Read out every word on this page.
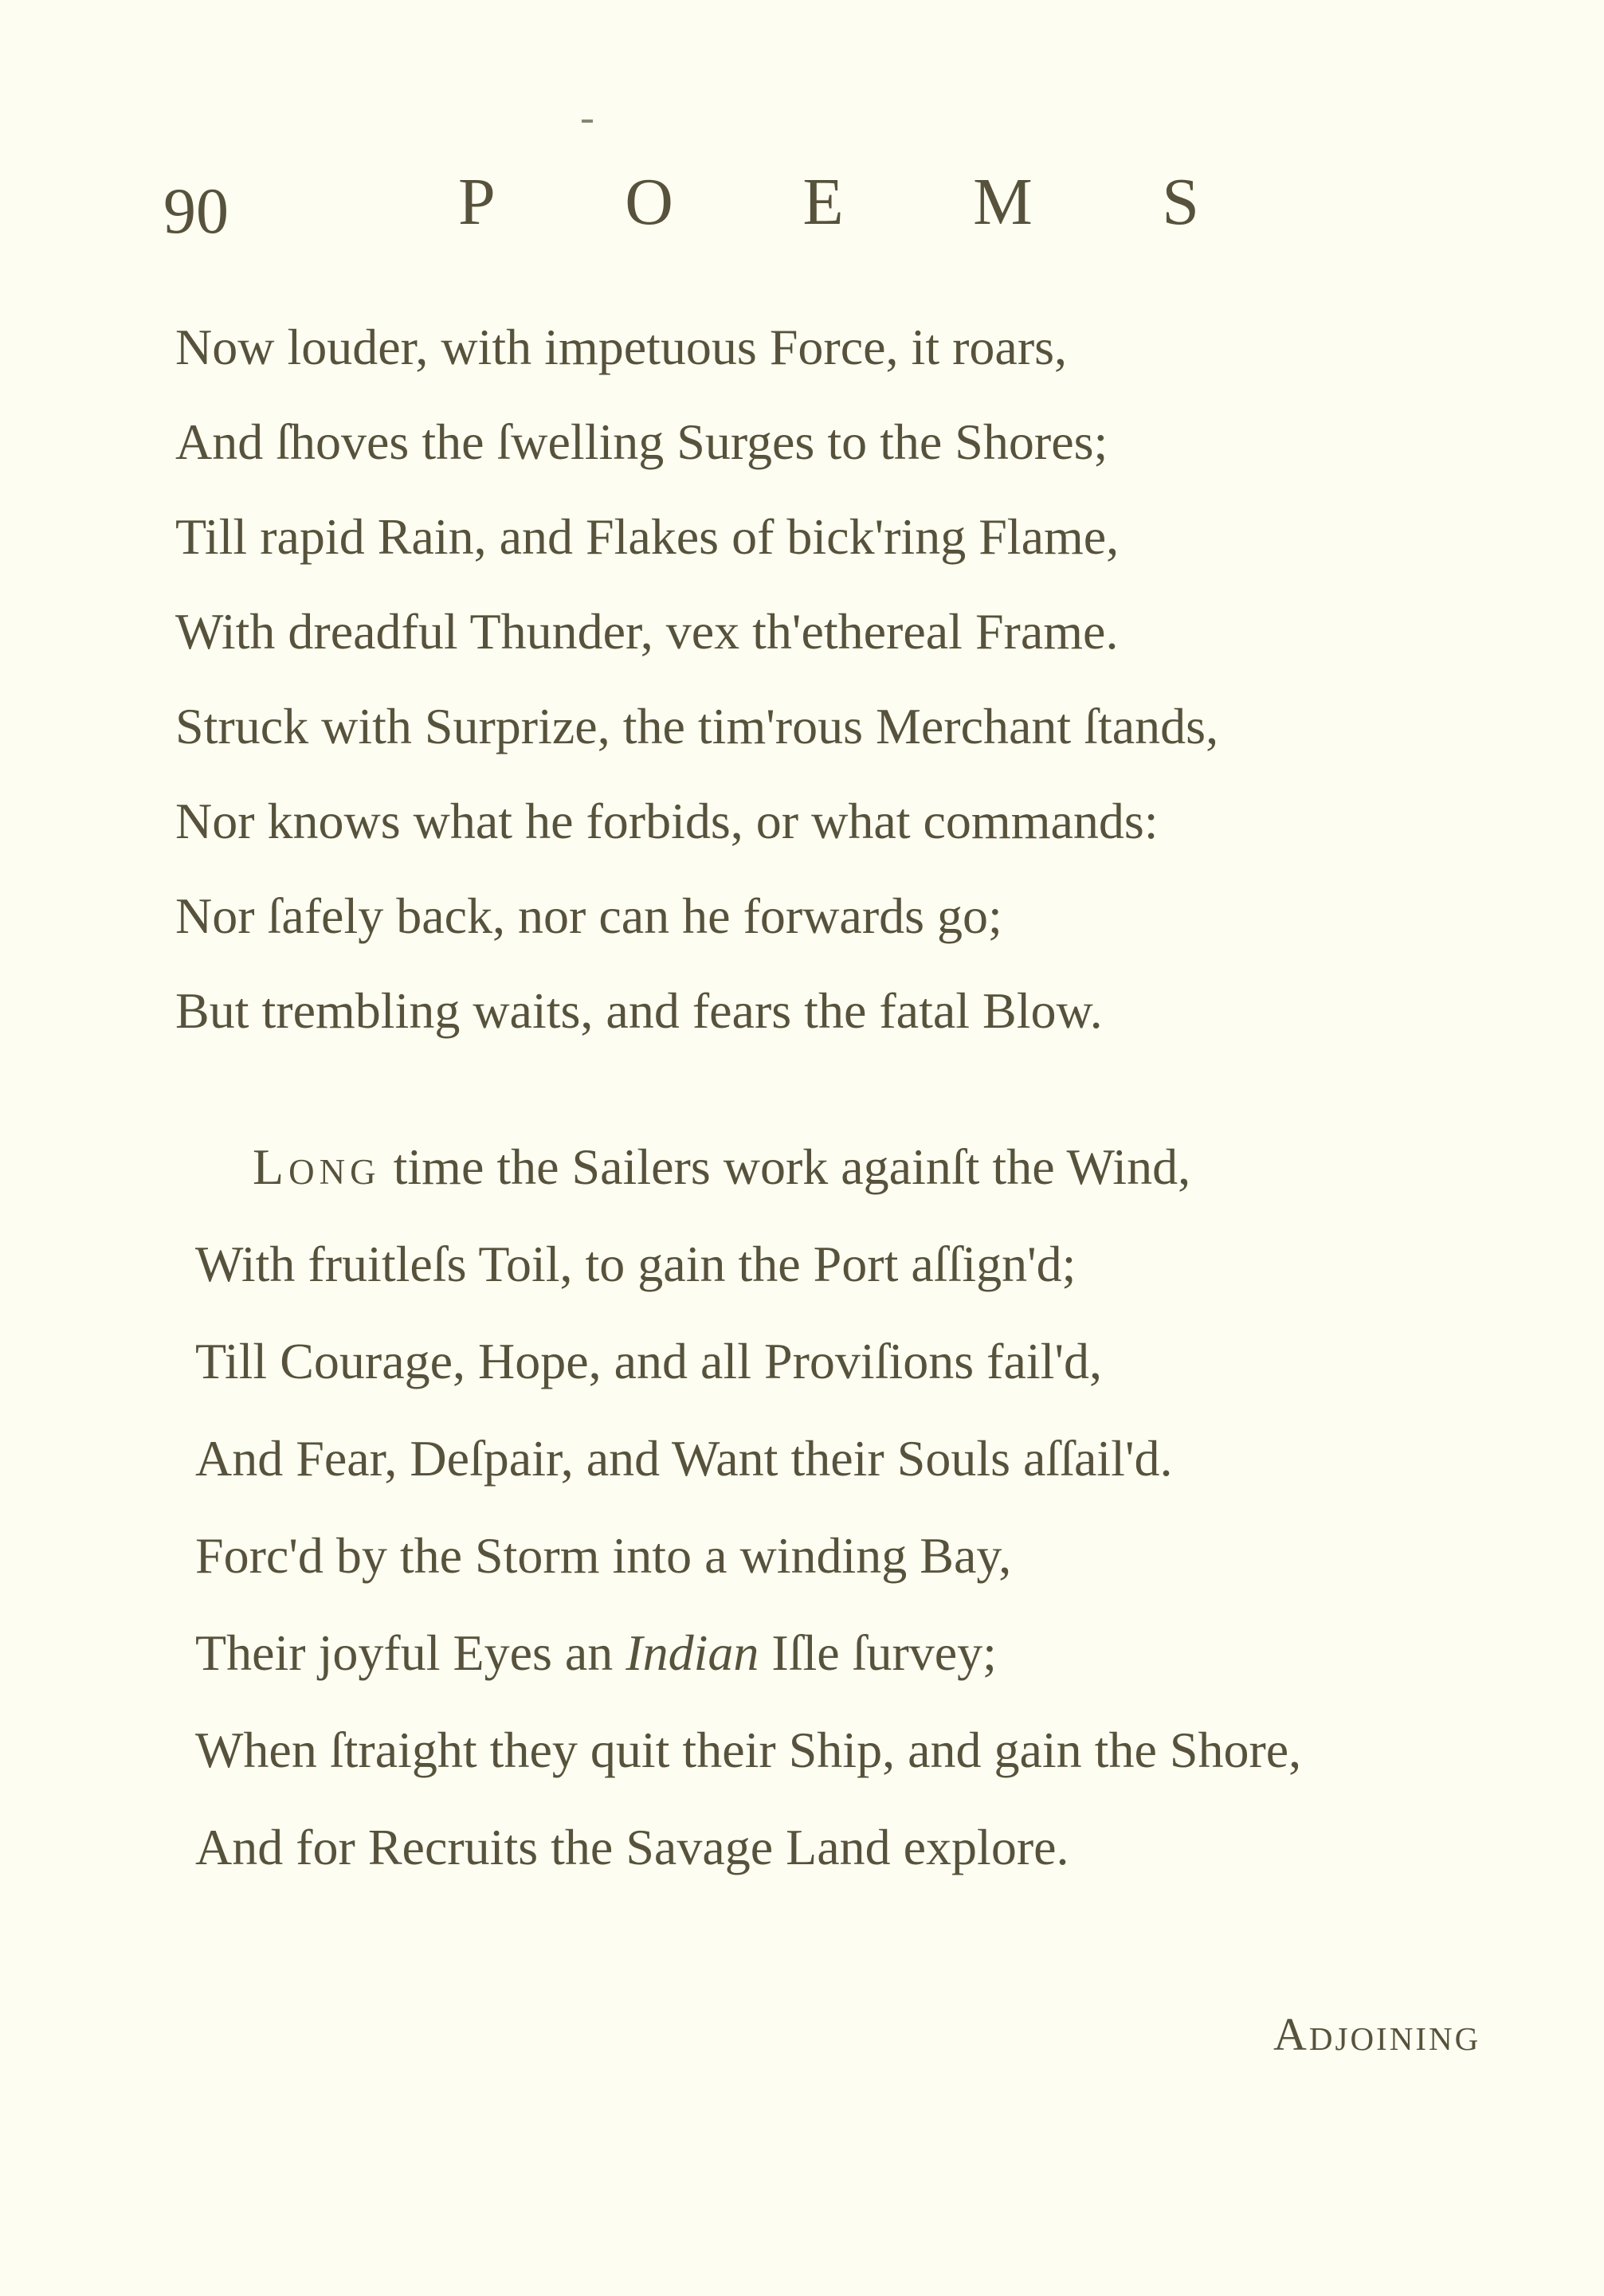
90	P O E M S
Now louder, with impetuous Force, it roars,
And ſhoves the ſwelling Surges to the Shores;
Till rapid Rain, and Flakes of bick'ring Flame,
With dreadful Thunder, vex th'ethereal Frame.
Struck with Surprize, the tim'rous Merchant ſtands,
Nor knows what he forbids, or what commands:
Nor ſafely back, nor can he forwards go;
But trembling waits, and fears the fatal Blow.
Long time the Sailers work againſt the Wind,
With fruitleſs Toil, to gain the Port aſſign'd;
Till Courage, Hope, and all Proviſions fail'd,
And Fear, Deſpair, and Want their Souls aſſail'd.
Forc'd by the Storm into a winding Bay,
Their joyful Eyes an Indian Iſle ſurvey;
When ſtraight they quit their Ship, and gain the Shore,
And for Recruits the Savage Land explore.
Adjoining
